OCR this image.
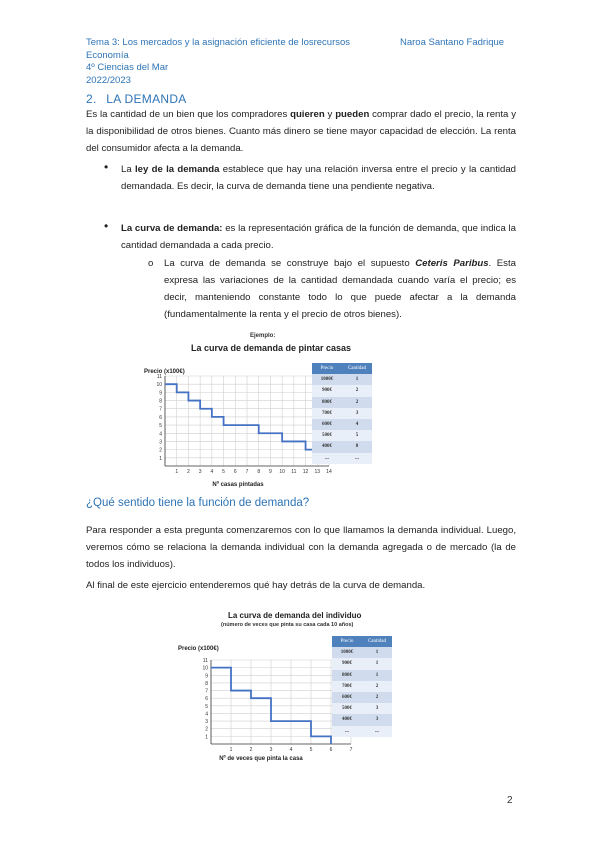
Tema 3: Los mercados y la asignación eficiente de losrecursos	Naroa Santano Fadrique
Economía
4º Ciencias del Mar
2022/2023
2. LA DEMANDA
Es la cantidad de un bien que los compradores quieren y pueden comprar dado el precio, la renta y la disponibilidad de otros bienes. Cuanto más dinero se tiene mayor capacidad de elección. La renta del consumidor afecta a la demanda.
• La ley de la demanda establece que hay una relación inversa entre el precio y la cantidad demandada. Es decir, la curva de demanda tiene una pendiente negativa.
• La curva de demanda: es la representación gráfica de la función de demanda, que indica la cantidad demandada a cada precio.
o	La curva de demanda se construye bajo el supuesto Ceteris Paribus. Esta expresa las variaciones de la cantidad demandada cuando varía el precio; es decir, manteniendo constante todo lo que puede afectar a la demanda (fundamentalmente la renta y el precio de otros bienes).
Ejemplo:
La curva de demanda de pintar casas
1 2 3 4 5 6 7 8 9 10 11 12 13 14
1
2
3
4
5
6
7
8
9
10
11
Precio (x100€)
Nº casas pintadas
Precio	Cantidad
1000€	1
900€	2
800€	2
700€	3
600€	4
500€	5
400€	8
...	...
¿Qué sentido tiene la función de demanda?
Para responder a esta pregunta comenzaremos con lo que llamamos la demanda individual. Luego, veremos cómo se relaciona la demanda individual con la demanda agregada o de mercado (la de todos los individuos).
Al final de este ejercicio entenderemos qué hay detrás de la curva de demanda.
La curva de demanda del individuo
(número de veces que pinta su casa cada 10 años)
1	2	3	4	5	6	7
1
2
3
4
5
6
7
8
9
10
11
Precio (x100€)
Nº de veces que pinta la casa
Precio	Cantidad
1000€	1
900€	1
800€	1
700€	2
600€	2
500€	3
400€	3
...	...
2
